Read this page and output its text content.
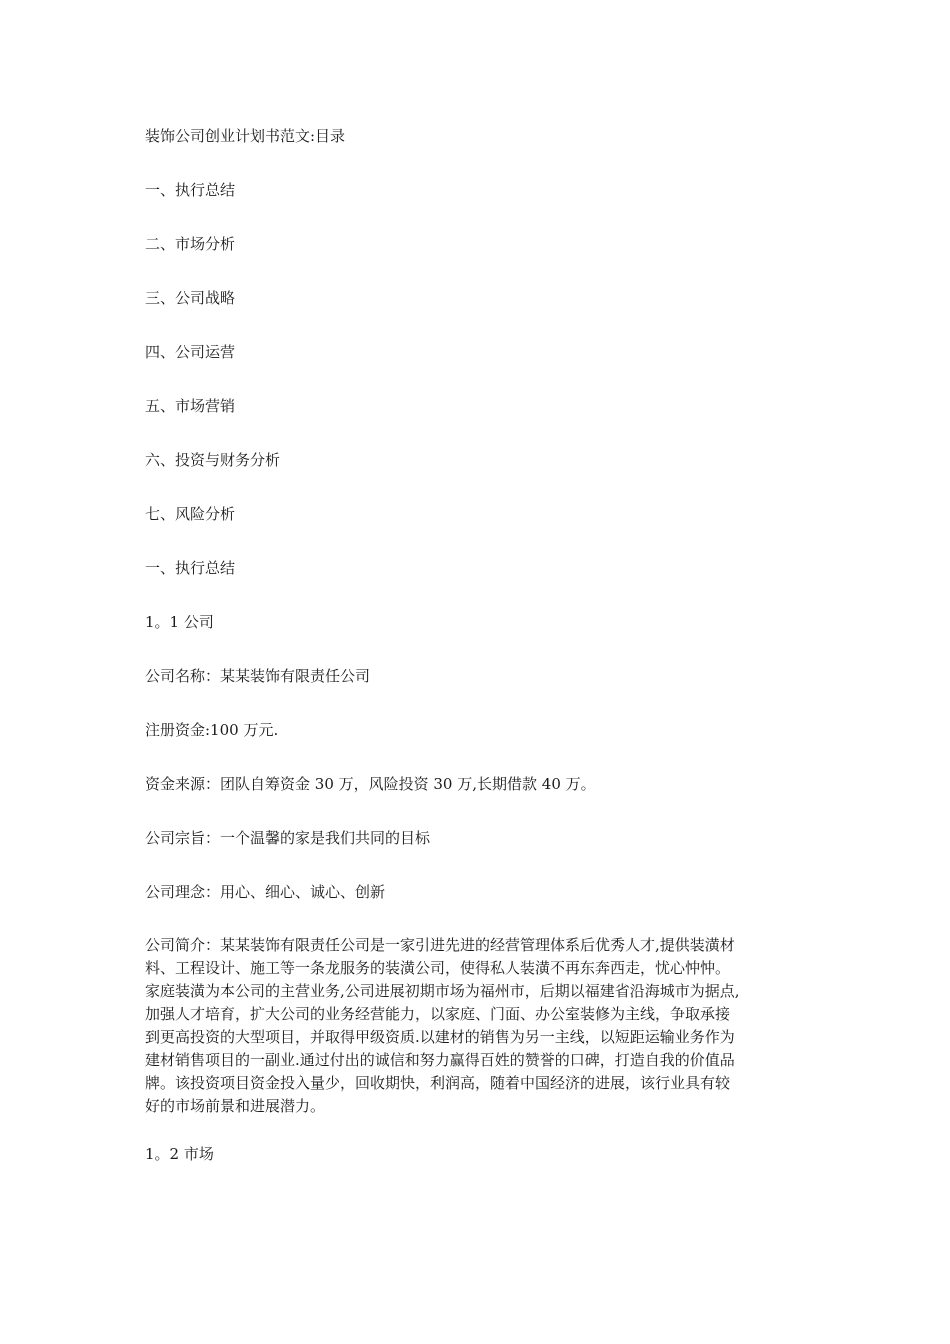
装饰公司创业计划书范文:目录

一、执行总结

二、市场分析

三、公司战略

四、公司运营

五、市场营销

六、投资与财务分析

七、风险分析

一、执行总结

1。1 公司

公司名称：某某装饰有限责任公司

注册资金:100 万元.

资金来源：团队自筹资金 30 万，风险投资 30 万,长期借款 40 万。

公司宗旨：一个温馨的家是我们共同的目标

公司理念：用心、细心、诚心、创新

公司简介：某某装饰有限责任公司是一家引进先进的经营管理体系后优秀人才,提供装潢材
料、工程设计、施工等一条龙服务的装潢公司，使得私人装潢不再东奔西走，忧心忡忡。
家庭装潢为本公司的主营业务,公司进展初期市场为福州市，后期以福建省沿海城市为据点,
加强人才培育，扩大公司的业务经营能力，以家庭、门面、办公室装修为主线，争取承接
到更高投资的大型项目，并取得甲级资质.以建材的销售为另一主线，以短距运输业务作为
建材销售项目的一副业.通过付出的诚信和努力赢得百姓的赞誉的口碑，打造自我的价值品
牌。该投资项目资金投入量少，回收期快，利润高，随着中国经济的进展，该行业具有较
好的市场前景和进展潜力。

1。2 市场
